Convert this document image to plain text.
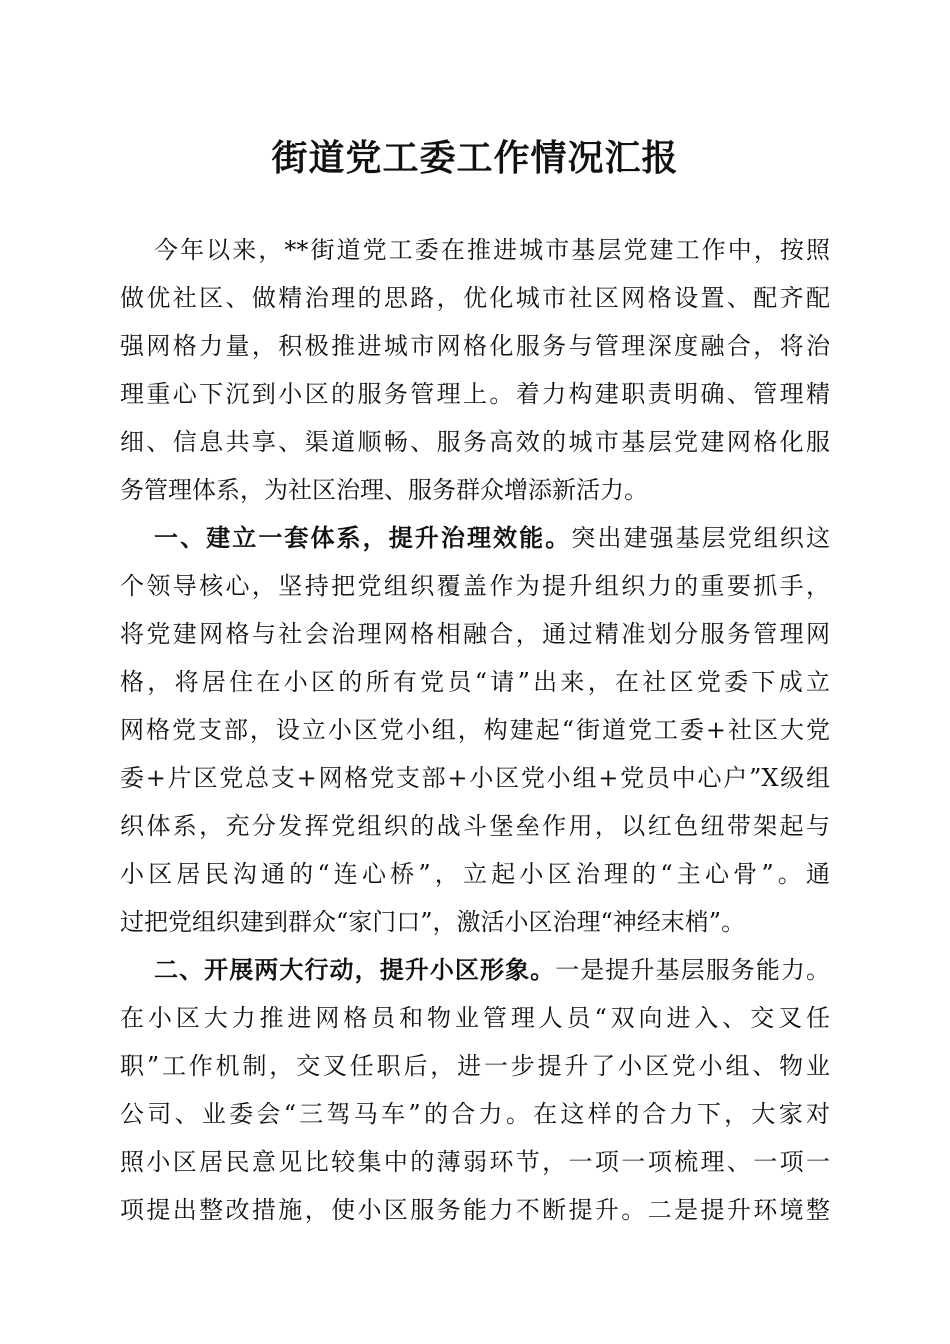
街道党工委工作情况汇报
今年以来，**街道党工委在推进城市基层党建工作中，按照
做优社区、做精治理的思路，优化城市社区网格设置、配齐配
强网格力量，积极推进城市网格化服务与管理深度融合，将治
理重心下沉到小区的服务管理上。着力构建职责明确、管理精
细、信息共享、渠道顺畅、服务高效的城市基层党建网格化服
务管理体系，为社区治理、服务群众增添新活力。
一、建立一套体系，提升治理效能。突出建强基层党组织这
个领导核心，坚持把党组织覆盖作为提升组织力的重要抓手，
将党建网格与社会治理网格相融合，通过精准划分服务管理网
格，将居住在小区的所有党员“请”出来，在社区党委下成立
网格党支部，设立小区党小组，构建起“街道党工委+社区大党
委+片区党总支+网格党支部+小区党小组+党员中心户”X级组
织体系，充分发挥党组织的战斗堡垒作用，以红色纽带架起与
小区居民沟通的“连心桥”，立起小区治理的“主心骨”。通
过把党组织建到群众“家门口”，激活小区治理“神经末梢”。
二、开展两大行动，提升小区形象。一是提升基层服务能力。
在小区大力推进网格员和物业管理人员“双向进入、交叉任
职”工作机制，交叉任职后，进一步提升了小区党小组、物业
公司、业委会“三驾马车”的合力。在这样的合力下，大家对
照小区居民意见比较集中的薄弱环节，一项一项梳理、一项一
项提出整改措施，使小区服务能力不断提升。二是提升环境整
